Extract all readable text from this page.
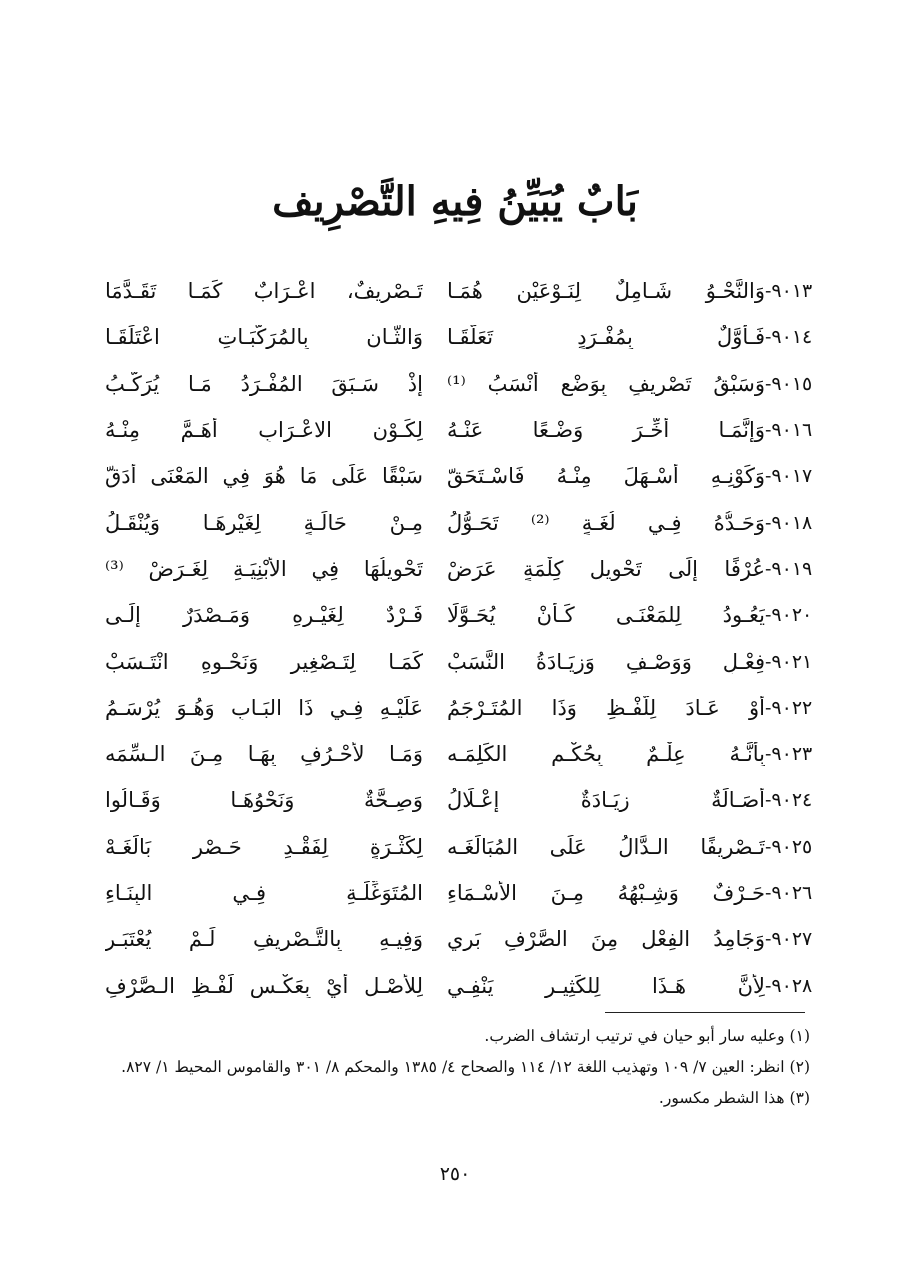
بَابٌ يُبَيِّنُ فِيهِ التَّصْرِيف
٩٠١٣-
وَالنَّحْـوُ شَـامِلٌ لِنَـوْعَيْنِ هُمَـا
تَـصْرِيفٌ، اعْـرَابٌ كَمَـا تَقَـدَّمَا
٩٠١٤-
فَـأَوَّلٌ بِمُفْـرَدٍ تَعَلَّقَـا
وَالثَّـانِ بِالمُرَكَّبَـاتِ اعْتَلَقَـا
٩٠١٥-
وَسَبْقُ تَصْرِيفٍ بِوَضْعٍ أَنْسَبُ ⁽¹⁾
إِذْ سَـبَقَ المُفْـرَدُ مَـا يُرَكَّـبُ
٩٠١٦-
وَإِنَّمَـا أُخِّـرَ وَضْـعًا عَنْـهُ
لِكَـوْنِ الاعْـرَابِ أَهَـمَّ مِنْـهُ
٩٠١٧-
وَكَوْنِـهِ أَسْـهَلَ مِنْـهُ فَاسْـتَحَقّ
سَبْقًا عَلَى مَا هُوَ فِي المَعْنَى أَدَقّ
٩٠١٨-
وَحَـدُّهُ فِـي لُغَـةٍ ⁽²⁾ تَحَـوُّلُ
مِـنْ حَالَـةٍ لِغَيْرِهَـا وَيُنْقَـلُ
٩٠١٩-
عُرْفًا إِلَى تَحْوِيلِ كِلْمَةٍ عَرَضْ
تَحْوِيلُهَا فِي الأَبْنِيَـةِ لِغَـرَضْ ⁽³⁾
٩٠٢٠-
يَعُـودُ لِلمَعْنَـى كَـأَنْ يُحَـوَّلَا
فَـرْدٌ لِغَيْـرِهِ وَمَـصْدَرٌ إِلَـى
٩٠٢١-
فِعْـلٍ وَوَصْـفٍ وَزِيَـادَةُ النَّسَبْ
كَمَـا لِتَـصْغِيرٍ وَنَحْـوِهِ انْتَـسَبْ
٩٠٢٢-
أَوْ عَـادَ لِلَّفْـظِ وَذَا المُتَـرْجَمُ
عَلَيْـهِ فِـي ذَا البَـابِ وَهُـوَ يُرْسَـمُ
٩٠٢٣-
بِأَنَّـهُ عِلْـمٌ بِحُكْـمِ الكَلِمَـه
وَمَـا لأَحْـرُفٍ بِهَـا مِـنَ الـسِّمَه
٩٠٢٤-
أَصَـالَةٌ زِيَـادَةٌ إِعْـلَالُ
وَصِـحَّةٌ وَنَحْوُهَـا وَقَـالُوا
٩٠٢٥-
تَـصْرِيفًا الـدَّالُ عَلَى المُبَالَغَـه
لِكَثْـرَةٍ لِفَقْـدِ حَـصْرٍ بَالَغَـهْ
٩٠٢٦-
حَـرْفٌ وَشِـبْهُهُ مِـنَ الأَسْـمَاءِ
المُتَوَغِّلَـةِ فِـي البِنَـاءِ
٩٠٢٧-
وَجَامِدُ الفِعْلِ مِنَ الصَّرْفِ بَرِي
وَفِيـهِ بِالتَّـصْرِيفِ لَـمْ يُعْتَبَـرِ
٩٠٢٨-
لِأَنَّ هَـذَا لِلكَثِيـرِ يَنْفِـي
لِلأَصْـلِ أَيْ بِعَكْـسِ لَفْـظِ الـصَّرْفِ
(١) وعليه سار أبو حيان في ترتيب ارتشاف الضرب.
(٢) انظر: العين ٧/ ١٠٩ وتهذيب اللغة ١٢/ ١١٤ والصحاح ٤/ ١٣٨٥ والمحكم ٨/ ٣٠١ والقاموس المحيط ١/ ٨٢٧.
(٣) هذا الشطر مكسور.
٢٥٠
